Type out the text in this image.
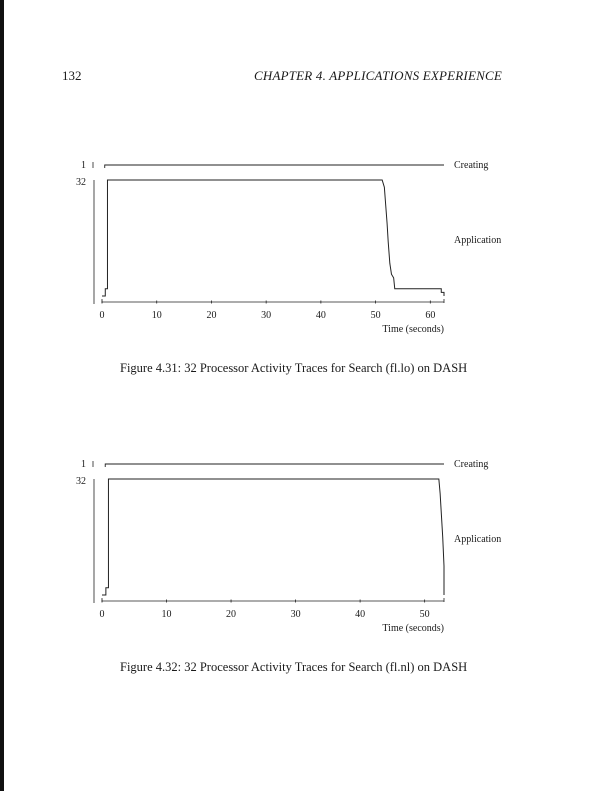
132	CHAPTER 4. APPLICATIONS EXPERIENCE
1
32
Creating
Application
0	10	20	30	40	50	60
Time (seconds)
Figure 4.31: 32 Processor Activity Traces for Search (fl.lo) on DASH
1
32
Creating
Application
0	10	20	30	40	50
Time (seconds)
Figure 4.32: 32 Processor Activity Traces for Search (fl.nl) on DASH
